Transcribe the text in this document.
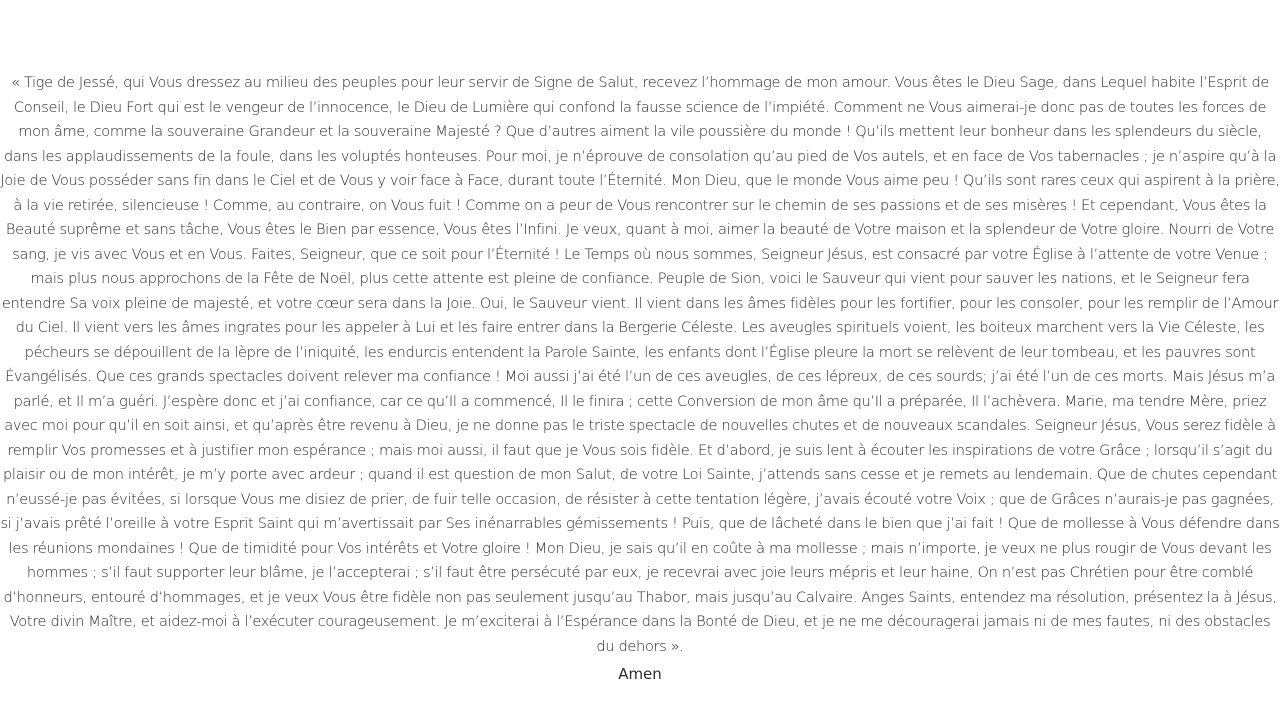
« Tige de Jessé, qui Vous dressez au milieu des peuples pour leur servir de Signe de Salut, recevez l’hommage de mon amour. Vous êtes le Dieu Sage, dans Lequel habite l’Esprit de Conseil, le Dieu Fort qui est le vengeur de l’innocence, le Dieu de Lumière qui confond la fausse science de l’impiété. Comment ne Vous aimerai-je donc pas de toutes les forces de mon âme, comme la souveraine Grandeur et la souveraine Majesté ? Que d’autres aiment la vile poussière du monde ! Qu’ils mettent leur bonheur dans les splendeurs du siècle, dans les applaudissements de la foule, dans les voluptés honteuses. Pour moi, je n’éprouve de consolation qu’au pied de Vos autels, et en face de Vos tabernacles ; je n’aspire qu’à la Joie de Vous posséder sans fin dans le Ciel et de Vous y voir face à Face, durant toute l’Éternité. Mon Dieu, que le monde Vous aime peu ! Qu’ils sont rares ceux qui aspirent à la prière, à la vie retirée, silencieuse ! Comme, au contraire, on Vous fuit ! Comme on a peur de Vous rencontrer sur le chemin de ses passions et de ses misères ! Et cependant, Vous êtes la Beauté suprême et sans tâche, Vous êtes le Bien par essence, Vous êtes l’Infini. Je veux, quant à moi, aimer la beauté de Votre maison et la splendeur de Votre gloire. Nourri de Votre sang, je vis avec Vous et en Vous. Faites, Seigneur, que ce soit pour l’Éternité ! Le Temps où nous sommes, Seigneur Jésus, est consacré par votre Église à l’attente de votre Venue ; mais plus nous approchons de la Fête de Noël, plus cette attente est pleine de confiance. Peuple de Sion, voici le Sauveur qui vient pour sauver les nations, et le Seigneur fera entendre Sa voix pleine de majesté, et votre cœur sera dans la Joie. Oui, le Sauveur vient. Il vient dans les âmes fidèles pour les fortifier, pour les consoler, pour les remplir de l’Amour du Ciel. Il vient vers les âmes ingrates pour les appeler à Lui et les faire entrer dans la Bergerie Céleste. Les aveugles spirituels voient, les boiteux marchent vers la Vie Céleste, les pécheurs se dépouillent de la lèpre de l’iniquité, les endurcis entendent la Parole Sainte, les enfants dont l’Église pleure la mort se relèvent de leur tombeau, et les pauvres sont Évangélisés. Que ces grands spectacles doivent relever ma confiance ! Moi aussi j’ai été l’un de ces aveugles, de ces lépreux, de ces sourds; j’ai été l’un de ces morts. Mais Jésus m’a parlé, et Il m’a guéri. J’espère donc et j’ai confiance, car ce qu’Il a commencé, Il le finira ; cette Conversion de mon âme qu’Il a préparée, Il l’achèvera. Marie, ma tendre Mère, priez avec moi pour qu’il en soit ainsi, et qu’après être revenu à Dieu, je ne donne pas le triste spectacle de nouvelles chutes et de nouveaux scandales. Seigneur Jésus, Vous serez fidèle à remplir Vos promesses et à justifier mon espérance ; mais moi aussi, il faut que je Vous sois fidèle. Et d’abord, je suis lent à écouter les inspirations de votre Grâce ; lorsqu’il s’agit du plaisir ou de mon intérêt, je m’y porte avec ardeur ; quand il est question de mon Salut, de votre Loi Sainte, j’attends sans cesse et je remets au lendemain. Que de chutes cependant n’eussé-je pas évitées, si lorsque Vous me disiez de prier, de fuir telle occasion, de résister à cette tentation légère, j’avais écouté votre Voix ; que de Grâces n’aurais-je pas gagnées, si j’avais prêté l’oreille à votre Esprit Saint qui m’avertissait par Ses inénarrables gémissements ! Puis, que de lâcheté dans le bien que j’ai fait ! Que de mollesse à Vous défendre dans les réunions mondaines ! Que de timidité pour Vos intérêts et Votre gloire ! Mon Dieu, je sais qu’il en coûte à ma mollesse ; mais n’importe, je veux ne plus rougir de Vous devant les hommes ; s’il faut supporter leur blâme, je l’accepterai ; s’il faut être persécuté par eux, je recevrai avec joie leurs mépris et leur haine, On n’est pas Chrétien pour être comblé d’honneurs, entouré d’hommages, et je veux Vous être fidèle non pas seulement jusqu’au Thabor, mais jusqu’au Calvaire. Anges Saints, entendez ma résolution, présentez la à Jésus, Votre divin Maître, et aidez-moi à l’exécuter courageusement. Je m’exciterai à l’Espérance dans la Bonté de Dieu, et je ne me découragerai jamais ni de mes fautes, ni des obstacles du dehors ».

Amen
